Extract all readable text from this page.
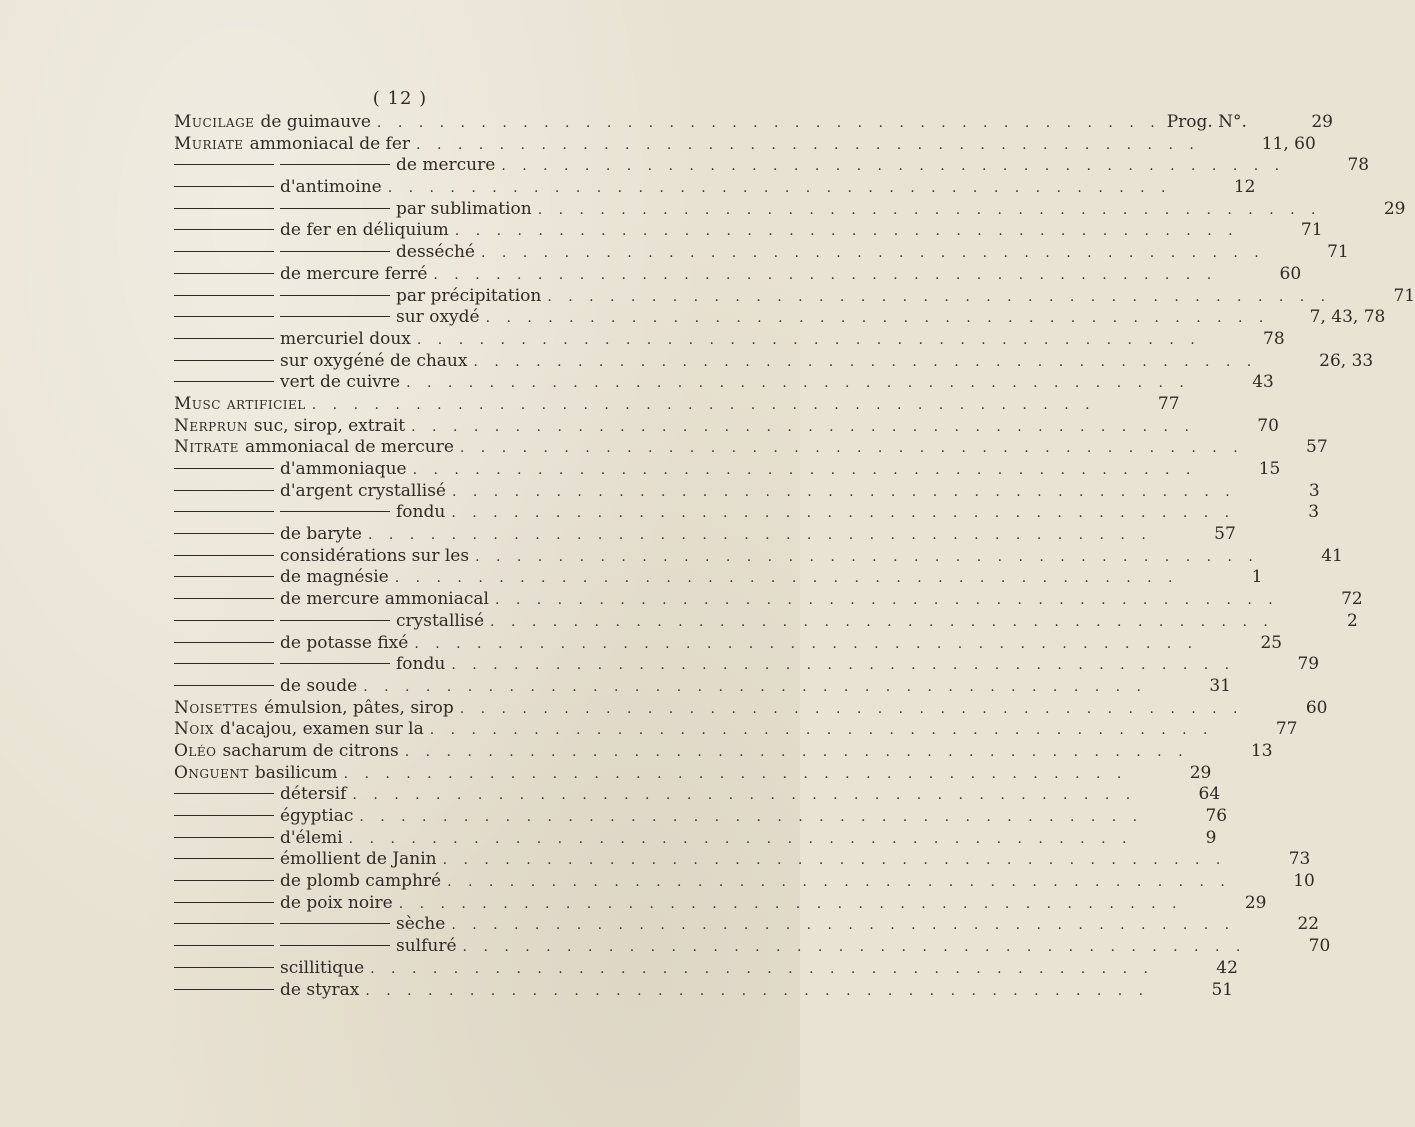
( 12 )
Mucilage de guimauve . . . . . . . . . . . . . . . . . . . . . . . . . . . . . . . . . . . . . . Prog. N°.	29
Muriate ammoniacal de fer . . . . . . . . . . . . . . . . . . . . . . . . . . . . . . . . . . . . . .	11, 60
de mercure . . . . . . . . . . . . . . . . . . . . . . . . . . . . . . . . . . . . . .	78
d'antimoine . . . . . . . . . . . . . . . . . . . . . . . . . . . . . . . . . . . . . .	12
par sublimation . . . . . . . . . . . . . . . . . . . . . . . . . . . . . . . . . . . . . .	29
de fer en déliquium . . . . . . . . . . . . . . . . . . . . . . . . . . . . . . . . . . . . . .	71
desséché . . . . . . . . . . . . . . . . . . . . . . . . . . . . . . . . . . . . . .	71
de mercure ferré . . . . . . . . . . . . . . . . . . . . . . . . . . . . . . . . . . . . . .	60
par précipitation . . . . . . . . . . . . . . . . . . . . . . . . . . . . . . . . . . . . . .	71
sur oxydé . . . . . . . . . . . . . . . . . . . . . . . . . . . . . . . . . . . . . .	7, 43, 78
mercuriel doux . . . . . . . . . . . . . . . . . . . . . . . . . . . . . . . . . . . . . .	78
sur oxygéné de chaux . . . . . . . . . . . . . . . . . . . . . . . . . . . . . . . . . . . . . .	26, 33
vert de cuivre . . . . . . . . . . . . . . . . . . . . . . . . . . . . . . . . . . . . . .	43
Musc artificiel . . . . . . . . . . . . . . . . . . . . . . . . . . . . . . . . . . . . . .	77
Nerprun suc, sirop, extrait . . . . . . . . . . . . . . . . . . . . . . . . . . . . . . . . . . . . . .	70
Nitrate ammoniacal de mercure . . . . . . . . . . . . . . . . . . . . . . . . . . . . . . . . . . . . . .	57
d'ammoniaque . . . . . . . . . . . . . . . . . . . . . . . . . . . . . . . . . . . . . .	15
d'argent crystallisé . . . . . . . . . . . . . . . . . . . . . . . . . . . . . . . . . . . . . .	3
fondu . . . . . . . . . . . . . . . . . . . . . . . . . . . . . . . . . . . . . .	3
de baryte . . . . . . . . . . . . . . . . . . . . . . . . . . . . . . . . . . . . . .	57
considérations sur les . . . . . . . . . . . . . . . . . . . . . . . . . . . . . . . . . . . . . .	41
de magnésie . . . . . . . . . . . . . . . . . . . . . . . . . . . . . . . . . . . . . .	1
de mercure ammoniacal . . . . . . . . . . . . . . . . . . . . . . . . . . . . . . . . . . . . . .	72
crystallisé . . . . . . . . . . . . . . . . . . . . . . . . . . . . . . . . . . . . . .	2
de potasse fixé . . . . . . . . . . . . . . . . . . . . . . . . . . . . . . . . . . . . . .	25
fondu . . . . . . . . . . . . . . . . . . . . . . . . . . . . . . . . . . . . . .	79
de soude . . . . . . . . . . . . . . . . . . . . . . . . . . . . . . . . . . . . . .	31
Noisettes émulsion, pâtes, sirop . . . . . . . . . . . . . . . . . . . . . . . . . . . . . . . . . . . . . .	60
Noix d'acajou, examen sur la . . . . . . . . . . . . . . . . . . . . . . . . . . . . . . . . . . . . . .	77
Oléo sacharum de citrons . . . . . . . . . . . . . . . . . . . . . . . . . . . . . . . . . . . . . .	13
Onguent basilicum . . . . . . . . . . . . . . . . . . . . . . . . . . . . . . . . . . . . . .	29
détersif . . . . . . . . . . . . . . . . . . . . . . . . . . . . . . . . . . . . . .	64
égyptiac . . . . . . . . . . . . . . . . . . . . . . . . . . . . . . . . . . . . . .	76
d'élemi . . . . . . . . . . . . . . . . . . . . . . . . . . . . . . . . . . . . . .	9
émollient de Janin . . . . . . . . . . . . . . . . . . . . . . . . . . . . . . . . . . . . . .	73
de plomb camphré . . . . . . . . . . . . . . . . . . . . . . . . . . . . . . . . . . . . . .	10
de poix noire . . . . . . . . . . . . . . . . . . . . . . . . . . . . . . . . . . . . . .	29
sèche . . . . . . . . . . . . . . . . . . . . . . . . . . . . . . . . . . . . . .	22
sulfuré . . . . . . . . . . . . . . . . . . . . . . . . . . . . . . . . . . . . . .	70
scillitique . . . . . . . . . . . . . . . . . . . . . . . . . . . . . . . . . . . . . .	42
de styrax . . . . . . . . . . . . . . . . . . . . . . . . . . . . . . . . . . . . . .	51
